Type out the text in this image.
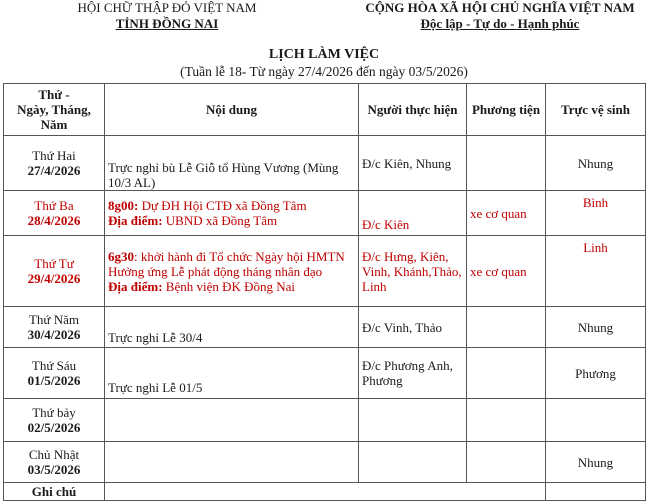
HỘI CHỮ THẬP ĐỎ VIỆT NAM
TỈNH ĐỒNG NAI
CỘNG HÒA XÃ HỘI CHỦ NGHĨA VIỆT NAM
Độc lập - Tự do - Hạnh phúc
LỊCH LÀM VIỆC
(Tuần lễ 18- Từ ngày 27/4/2026 đến ngày 03/5/2026)
Thứ -
Ngày, Tháng,
Năm	Nội dung	Người thực hiện	Phương tiện	Trực vệ sinh

Thứ Hai
27/4/2026	Trực nghỉ bù Lễ Giỗ tổ Hùng Vương (Mùng 10/3 AL)	Đ/c Kiên, Nhung		Nhung

Thứ Ba
28/4/2026	8g00: Dự ĐH Hội CTĐ xã Đồng Tâm
Địa điểm: UBND xã Đồng Tâm	Đ/c Kiên	xe cơ quan	Bình

Thứ Tư
29/4/2026	6g30: khởi hành đi Tổ chức Ngày hội HMTN Hưởng ứng Lễ phát động tháng nhân đạo
Địa điểm: Bệnh viện ĐK Đồng Nai	Đ/c Hưng, Kiên, Vinh, Khánh,Thảo, Linh	xe cơ quan	Linh

Thứ Năm
30/4/2026	Trực nghỉ Lễ 30/4	Đ/c Vinh, Thảo		Nhung

Thứ Sáu
01/5/2026	Trực nghỉ Lễ 01/5	Đ/c Phương Anh, Phương		Phương

Thứ bảy
02/5/2026				

Chủ Nhật
03/5/2026				Nhung
Ghi chú				
